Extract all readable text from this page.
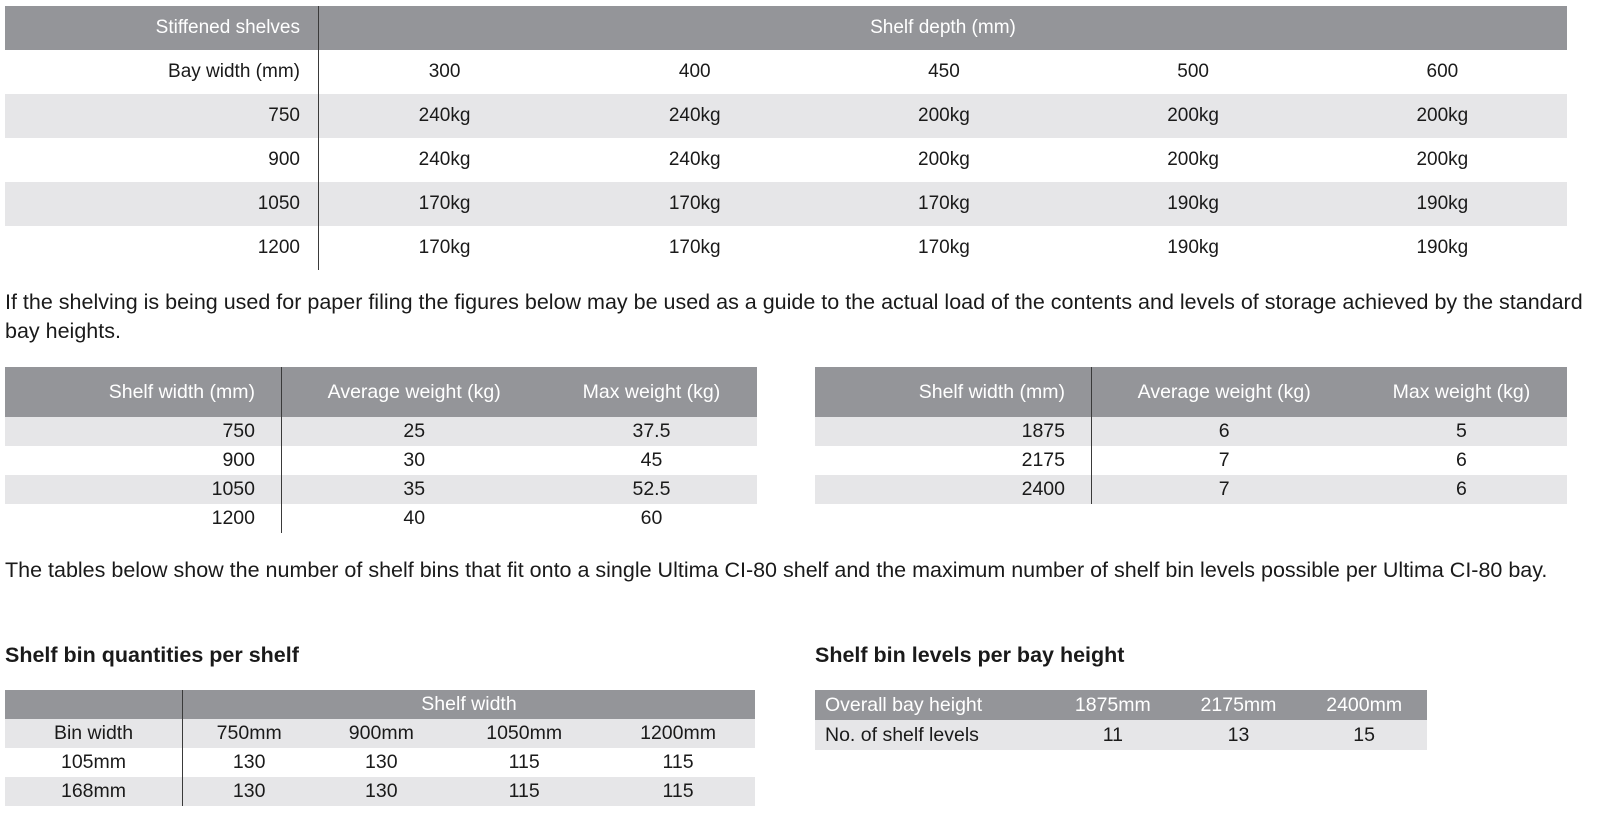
Stiffened shelves	Shelf depth (mm)				
Bay width (mm)	300	400	450	500	600
750	240kg	240kg	200kg	200kg	200kg
900	240kg	240kg	200kg	200kg	200kg
1050	170kg	170kg	170kg	190kg	190kg
1200	170kg	170kg	170kg	190kg	190kg

If the shelving is being used for paper filing the figures below may be used as a guide to the actual load of the contents and levels of storage achieved by the standard bay heights.

Shelf width (mm)	Average weight (kg)	Max weight (kg)
750	25	37.5
900	30	45
1050	35	52.5
1200	40	60
Shelf width (mm)	Average weight (kg)	Max weight (kg)
1875	6	5
2175	7	6
2400	7	6

The tables below show the number of shelf bins that fit onto a single Ultima CI-80 shelf and the maximum number of shelf bin levels possible per Ultima CI-80 bay.

Shelf bin quantities per shelf	Shelf bin levels per bay height
	Shelf width			
Bin width	750mm	900mm	1050mm	1200mm
105mm	130	130	115	115
168mm	130	130	115	115
Overall bay height	1875mm	2175mm	2400mm
No. of shelf levels	11	13	15
